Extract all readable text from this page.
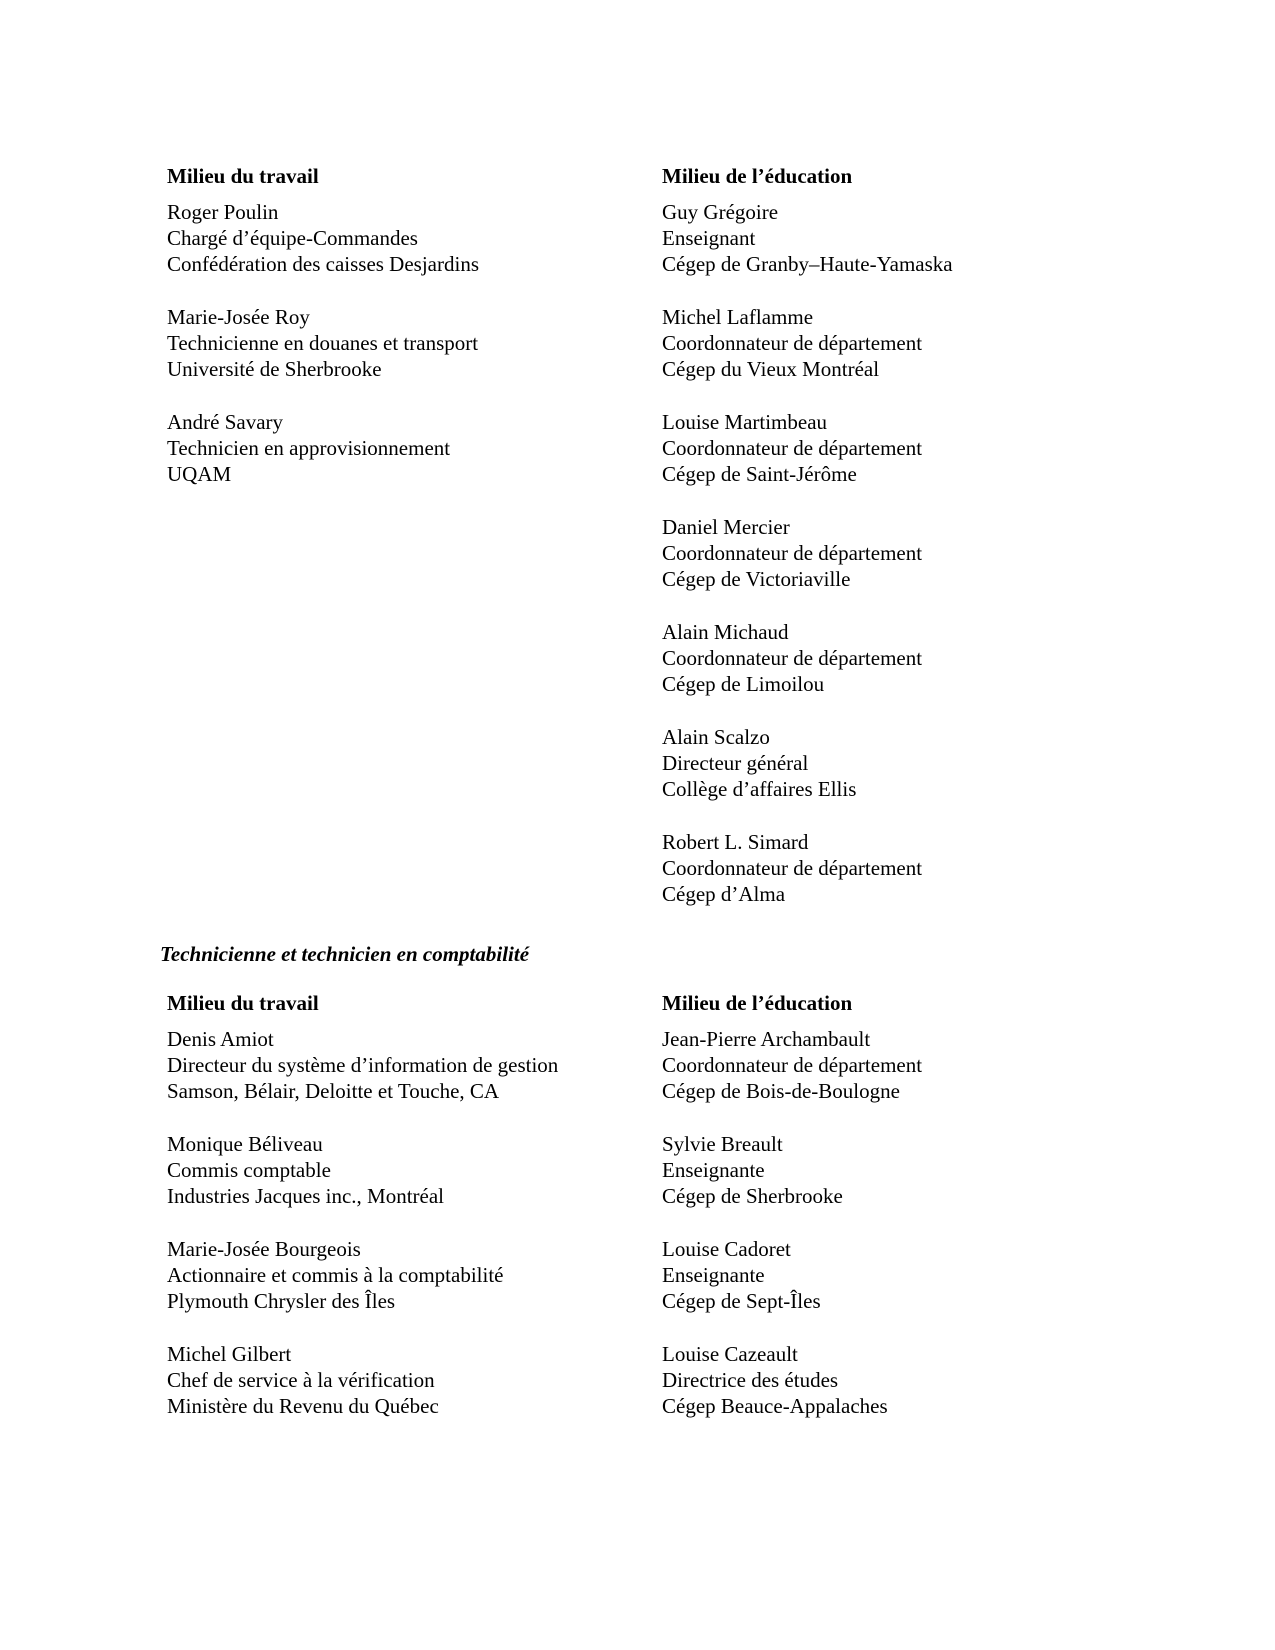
Milieu du travail
Roger Poulin
Chargé d’équipe-Commandes
Confédération des caisses Desjardins
Marie-Josée Roy
Technicienne en douanes et transport
Université de Sherbrooke
André Savary
Technicien en approvisionnement
UQAM
Milieu de l’éducation
Guy Grégoire
Enseignant
Cégep de Granby–Haute-Yamaska
Michel Laflamme
Coordonnateur de département
Cégep du Vieux Montréal
Louise Martimbeau
Coordonnateur de département
Cégep de Saint-Jérôme
Daniel Mercier
Coordonnateur de département
Cégep de Victoriaville
Alain Michaud
Coordonnateur de département
Cégep de Limoilou
Alain Scalzo
Directeur général
Collège d’affaires Ellis
Robert L. Simard
Coordonnateur de département
Cégep d’Alma
Technicienne et technicien en comptabilité
Milieu du travail
Denis Amiot
Directeur du système d’information de gestion
Samson, Bélair, Deloitte et Touche, CA
Monique Béliveau
Commis comptable
Industries Jacques inc., Montréal
Marie-Josée Bourgeois
Actionnaire et commis à la comptabilité
Plymouth Chrysler des Îles
Michel Gilbert
Chef de service à la vérification
Ministère du Revenu du Québec
Milieu de l’éducation
Jean-Pierre Archambault
Coordonnateur de département
Cégep de Bois-de-Boulogne
Sylvie Breault
Enseignante
Cégep de Sherbrooke
Louise Cadoret
Enseignante
Cégep de Sept-Îles
Louise Cazeault
Directrice des études
Cégep Beauce-Appalaches
